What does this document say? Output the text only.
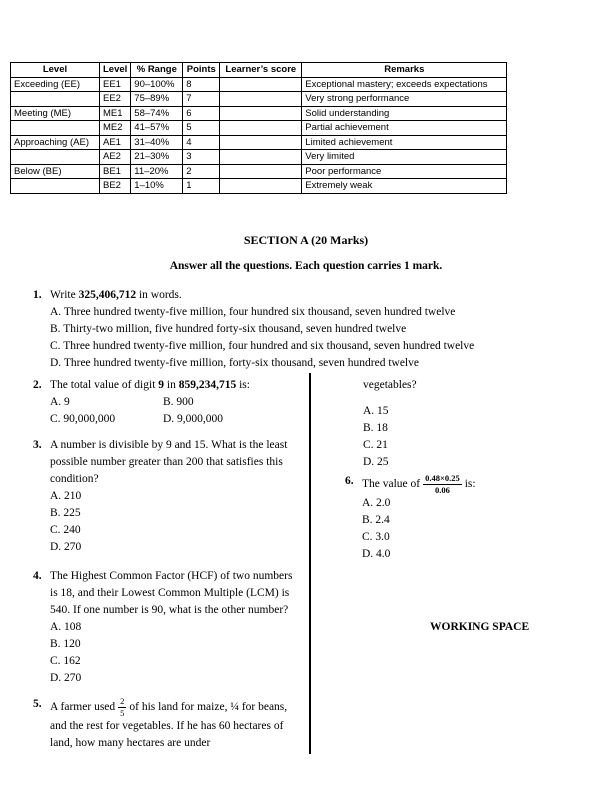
Level	Level	% Range	Points	Learner’s score	Remarks
Exceeding (EE)	EE1	90–100%	8		Exceptional mastery; exceeds expectations
	EE2	75–89%	7		Very strong performance
Meeting (ME)	ME1	58–74%	6		Solid understanding
	ME2	41–57%	5		Partial achievement
Approaching (AE)	AE1	31–40%	4		Limited achievement
	AE2	21–30%	3		Very limited
Below (BE)	BE1	11–20%	2		Poor performance
	BE2	1–10%	1		Extremely weak
SECTION A (20 Marks)
Answer all the questions. Each question carries 1 mark.
1. Write 325,406,712 in words.
A. Three hundred twenty-five million, four hundred six thousand, seven hundred twelve
B. Thirty-two million, five hundred forty-six thousand, seven hundred twelve
C. Three hundred twenty-five million, four hundred and six thousand, seven hundred twelve
D. Three hundred twenty-five million, forty-six thousand, seven hundred twelve
2. The total value of digit 9 in 859,234,715 is:
A. 9	B. 900
C. 90,000,000	D. 9,000,000
3. A number is divisible by 9 and 15. What is the least possible number greater than 200 that satisfies this condition?
A. 210
B. 225
C. 240
D. 270
4. The Highest Common Factor (HCF) of two numbers is 18, and their Lowest Common Multiple (LCM) is 540. If one number is 90, what is the other number?
A. 108
B. 120
C. 162
D. 270
5. A farmer used $\frac{2}{5}$ of his land for maize, ¼ for beans, and the rest for vegetables. If he has 60 hectares of land, how many hectares are under
vegetables?
A. 15
B. 18
C. 21
D. 25
6. The value of $\frac{0.48\times 0.25}{0.06}$ is:
A. 2.0
B. 2.4
C. 3.0
D. 4.0
WORKING SPACE
